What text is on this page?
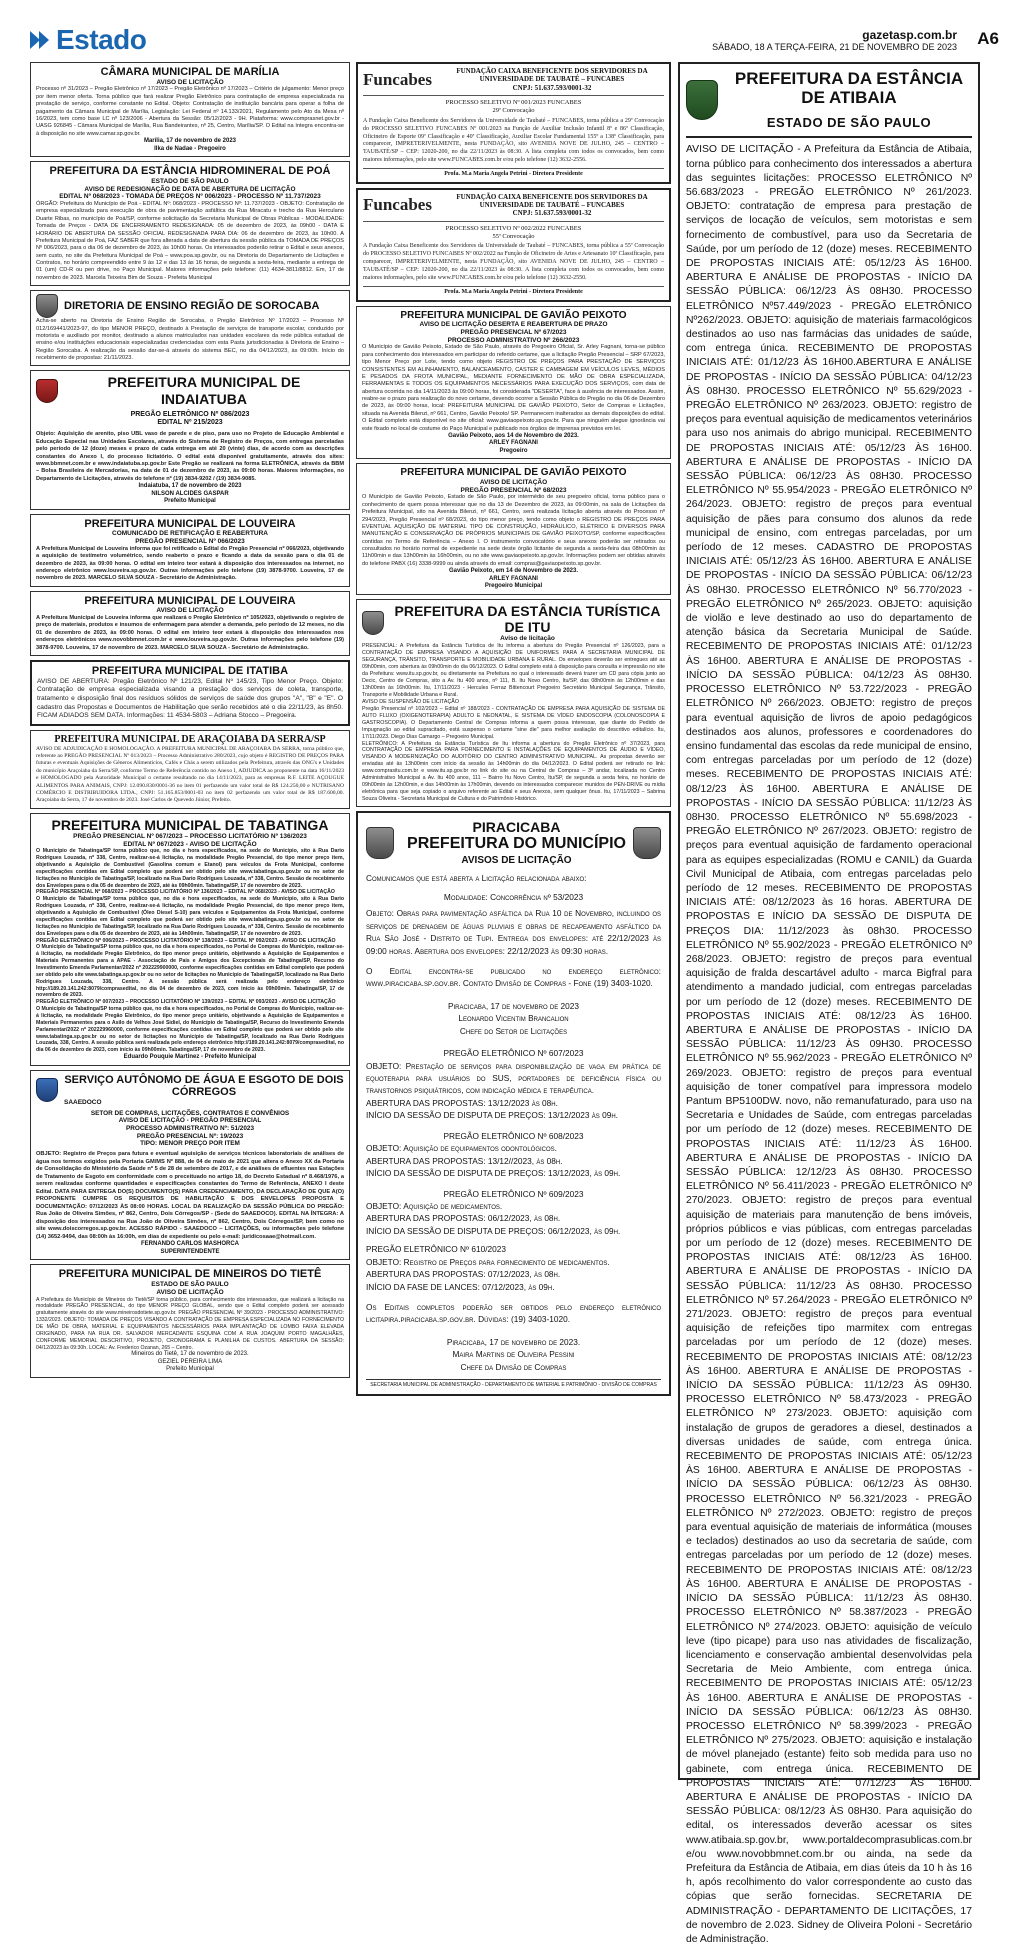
Estado	gazetasp.com.br
SÁBADO, 18 A TERÇA-FEIRA, 21 DE NOVEMBRO DE 2023 A6
CÂMARA MUNICIPAL DE MARÍLIA
AVISO DE LICITAÇÃO
Processo nº 31/2023 – Pregão Eletrônico nº 17/2023 – Pregão Eletrônico nº 17/2023 – Critério de julgamento: Menor preço por item menor oferta. Torna público que fará realizar Pregão Eletrônico para contratação de empresa especializada na prestação de serviço, conforme constante no Edital. Objeto: Contratação de instituição bancária para operar a folha de pagamento da Câmara Municipal de Marília, Legislação: Lei Federal nº 14.133/2021, Regulamento pelo Ato da Mesa nº 16/2023, tem como base LC nº 123/2006 - Abertura da Sessão: 05/12/2023 - 9H. Plataforma: www.comprasnet.gov.br - UASG 926845 - Câmara Municipal de Marília, Rua Bandeirantes, nº 25, Centro, Marília/SP. O Edital na íntegra encontra-se à disposição no site www.camar.sp.gov.br.
Marília, 17 de novembro de 2023
Ilka de Nadae - Pregoeiro
PREFEITURA DA ESTÂNCIA HIDROMINERAL DE POÁ
ESTADO DE SÃO PAULO
AVISO DE REDESIGNAÇÃO DE DATA DE ABERTURA DE LICITAÇÃO
EDITAL Nº 068/2023 - TOMADA DE PREÇOS Nº 006/2023 - PROCESSO Nº 11.737/2023
ÓRGÃO: Prefeitura do Município de Poá - EDITAL Nº: 068/2023 - PROCESSO Nº: 11.737/2023 - OBJETO: Contratação de empresa especializada para execução de obra de pavimentação asfáltica da Rua Miracatu e trecho da Rua Herculano Duarte Ribas, no município de Poá/SP, conforme solicitação da Secretaria Municipal de Obras Públicas - MODALIDADE: Tomada de Preços - DATA DE ENCERRAMENTO REDESIGNADA: 05 de dezembro de 2023, às 09h00 - DATA E HORÁRIO DE ABERTURA DA SESSÃO OFICIAL REDESIGNADA PARA DIA: 06 de dezembro de 2023, às 10h00. A Prefeitura Municipal de Poá, FAZ SABER que fora alterada a data de abertura da sessão pública da TOMADA DE PREÇOS Nº 006/2023, para o dia 06 de dezembro de 2023, às 10h00 horas. Os interessados poderão retirar o Edital e seus anexos, sem custo, no site da Prefeitura Municipal de Poá – www.poa.sp.gov.br, ou na Diretoria do Departamento de Licitações e Contratos, no horário compreendido entre 9 às 12 e das 13 às 16 horas, de segunda a sexta-feira, mediante a entrega de 01 (um) CD-R ou pen drive, no Paço Municipal. Maiores informações pelo telefone: (11) 4634-3811/8812. Em, 17 de novembro de 2023. Marcela Teixeira Bim de Souza - Prefeita Municipal
DIRETORIA DE ENSINO REGIÃO DE SOROCABA
Acha-se aberto na Diretoria de Ensino Região de Sorocaba, o Pregão Eletrônico Nº 17/2023 – Processo Nº 012/169441/2023-97, do tipo MENOR PREÇO, destinado à Prestação de serviços de transporte escolar, conduzido por motorista e auxiliado por monitor, destinado a alunos matriculados nas unidades escolares da rede pública estadual de ensino e/ou instituições educacionais especializadas credenciadas com esta Pasta jurisdicionadas à Diretoria de Ensino – Região Sorocaba. A realização da sessão dar-se-á através do sistema BEC, no dia 04/12/2023, às 09:00h. Início do recebimento de propostas: 21/11/2023.
PREFEITURA MUNICIPAL DE INDAIATUBA
PREGÃO ELETRÔNICO Nº 086/2023
EDITAL Nº 215/2023
Objeto: Aquisição de arenito, piso UBL vaso de parede e de piso, para uso no Projeto de Educação Ambiental e Educação Especial nas Unidades Escolares, através do Sistema de Registro de Preços, com entregas parceladas pelo período de 12 (doze) meses e prazo de cada entrega em até 20 (vinte) dias, de acordo com as descrições constantes do Anexo I, do processo licitatório. O edital está disponível gratuitamente, através dos sites: www.bbmnet.com.br e www.indaiatuba.sp.gov.br Este Pregão se realizará na forma ELETRÔNICA, através da BBM – Bolsa Brasileira de Mercadorias, na data de 01 de dezembro de 2023, às 09:00 horas. Maiores informações, no Departamento de Licitações, através do telefone nº (19) 3834-9202 / (19) 3834-9085.
Indaiatuba, 17 de novembro de 2023
NILSON ALCIDES GASPAR
Prefeito Municipal
PREFEITURA MUNICIPAL DE LOUVEIRA
COMUNICADO DE RETIFICAÇÃO E REABERTURA
PREGÃO PRESENCIAL Nº 066/2023
A Prefeitura Municipal de Louveira informa que foi retificado o Edital do Pregão Presencial nº 066/2023, objetivando a aquisição de testímetro volumétrico, sendo reaberto o prazo e ficando a data da sessão para o dia 01 de dezembro de 2023, às 09:00 horas. O edital em inteiro teor estará à disposição dos interessados na internet, no endereço eletrônico www.louveira.sp.gov.br. Outras informações pelo telefone (19) 3878-9700. Louveira, 17 de novembro de 2023. MARCELO SILVA SOUZA - Secretário de Administração.
PREFEITURA MUNICIPAL DE LOUVEIRA
AVISO DE LICITAÇÃO
A Prefeitura Municipal de Louveira informa que realizará o Pregão Eletrônico nº 105/2023, objetivando o registro de preço de materiais, produtos e insumos de enfermagem para atender a demanda, pelo período de 12 meses, no dia 01 de dezembro de 2023, às 09:00 horas. O edital em inteiro teor estará à disposição dos interessados nos endereços eletrônicos www.novobbmnet.com.br e www.louveira.sp.gov.br. Outras informações pelo telefone (19) 3878-9700. Louveira, 17 de novembro de 2023. MARCELO SILVA SOUZA - Secretário de Administração.
PREFEITURA MUNICIPAL DE ITATIBA
AVISO DE ABERTURA: Pregão Eletrônico Nº 121/23, Edital Nº 145/23, Tipo Menor Preço. Objeto: Contratação de empresa especializada visando a prestação dos serviços de coleta, transporte, tratamento e disposição final dos resíduos sólidos de serviços de saúde dos grupos "A", "B" e "E". O cadastro das Propostas e Documentos de Habilitação que serão recebidos até o dia 22/11/23, às 8h50. FICAM ADIADOS SEM DATA. Informações: 11 4534-5803 – Adriana Stocco – Pregoeira.
PREFEITURA MUNICIPAL DE ARAÇOIABA DA SERRA/SP
AVISO DE ADJUDICAÇÃO E HOMOLOGAÇÃO. A PREFEITURA MUNICIPAL DE ARAÇOIABA DA SERRA, torna público que, referente ao PREGÃO PRESENCIAL Nº 013/2023 – Processo Administrativo 280/2023, cujo objeto é REGISTRO DE PREÇOS PARA futuras e eventuais Aquisições de Gêneros Alimentícios, Cafés e Chás a serem utilizados pela Prefeitura, através das ONG's e Unidades do município Araçoiaba da Serra/SP, conforme Termo de Referência contido no Anexo I, ADJUDICA ao proponente na data 16/11/2023 e HOMOLOGADO pela Autoridade Municipal o certame resultando no dia 14/11/2023, para as empresas R.F. LEITE AÇOUGUE ALIMENTOS PARA ANIMAIS, CNPJ: 12.090.830/0001-36 no item 01 perfazendo um valor total de R$ 124.250,00 e NUTRISANO COMÉRCIO E DISTRIBUIDORA LTDA., CNPJ: 51.165.853/0001-03 no item 02 perfazendo um valor total de R$ 187.600,00. Araçoiaba da Serra, 17 de novembro de 2023. José Carlos de Quevedo Júnior, Prefeito.
PREFEITURA MUNICIPAL DE TABATINGA
PREGÃO PRESENCIAL Nº 067/2023 – PROCESSO LICITATÓRIO Nº 136/2023
EDITAL Nº 067/2023 - AVISO DE LICITAÇÃO
O Município de Tabatinga/SP torna público que, no dia e hora especificados, na sede do Município, sito à Rua Dario Rodrigues Louzada, nº 338, Centro, realizar-se-á licitação, na modalidade Pregão Presencial, do tipo menor preço item, objetivando a Aquisição de Combustível (Gasolina comum e Etanol) para veículos da Frota Municipal, conforme especificações contidas em Edital completo que poderá ser obtido pelo site www.tabatinga.sp.gov.br ou no setor de licitações no Município de Tabatinga/SP, localizado na Rua Dario Rodrigues Louzada, nº 338, Centro. Sessão de recebimento dos Envelopes para o dia 05 de dezembro de 2023, até às 09h00min. Tabatinga/SP, 17 de novembro de 2023.
PREGÃO PRESENCIAL Nº 068/2023 – PROCESSO LICITATÓRIO Nº 136/2023 – EDITAL Nº 068/2023 - AVISO DE LICITAÇÃO
O Município de Tabatinga/SP torna público que, no dia e hora especificados, na sede do Município, sito à Rua Dario Rodrigues Louzada, nº 338, Centro, realizar-se-á licitação, na modalidade Pregão Presencial, do tipo menor preço item, objetivando a Aquisição de Combustível (Óleo Diesel S-10) para veículos e Equipamentos da Frota Municipal, conforme especificações contidas em Edital completo que poderá ser obtido pelo site www.tabatinga.sp.gov.br ou no setor de licitações no Município de Tabatinga/SP, localizado na Rua Dario Rodrigues Louzada, nº 338, Centro. Sessão de recebimento dos Envelopes para o dia 05 de dezembro de 2023, até às 14h00min. Tabatinga/SP, 17 de novembro de 2023.
PREGÃO ELETRÔNICO Nº 006/2023 – PROCESSO LICITATÓRIO Nº 138/2023 – EDITAL Nº 092/2023 - AVISO DE LICITAÇÃO
O Município de Tabatinga/SP torna público que, no dia e hora especificados, no Portal de Compras do Município, realizar-se-á licitação, na modalidade Pregão Eletrônico, do tipo menor preço unitário, objetivando a Aquisição de Equipamentos e Materiais Permanentes para a APAE - Associação de Pais e Amigos dos Excepcionais de Tabatinga/SP, Recurso do Investimento Emenda Parlamentar/2022 nº 202229900000, conforme especificações contidas em Edital completo que poderá ser obtido pelo site www.tabatinga.sp.gov.br ou no setor de licitações no Município de Tabatinga/SP, localizado na Rua Dario Rodrigues Louzada, 338, Centro. A sessão pública será realizada pelo endereço eletrônico http://189.20.141.242:8079/comprasedital, no dia 04 de dezembro de 2023, com início às 09h00min. Tabatinga/SP, 17 de novembro de 2023.
PREGÃO ELETRÔNICO Nº 007/2023 – PROCESSO LICITATÓRIO Nº 139/2023 – EDITAL Nº 093/2023 - AVISO DE LICITAÇÃO
O Município de Tabatinga/SP torna público que, no dia e hora especificados, no Portal de Compras do Município, realizar-se-á licitação, na modalidade Pregão Eletrônico, do tipo menor preço unitário, objetivando a Aquisição de Equipamentos e Materiais Permanentes para o Asilo de Velhos José Sidiel, do Município de Tabatinga/SP, Recurso do Investimento Emenda Parlamentar/2022 nº 202229960000, conforme especificações contidas em Edital completo que poderá ser obtido pelo site www.tabatinga.sp.gov.br ou no setor de licitações no Município de Tabatinga/SP, localizado na Rua Dario Rodrigues Louzada, 338, Centro. A sessão pública será realizada pelo endereço eletrônico http://189.20.141.242:8079/comprasedital, no dia 06 de dezembro de 2023, com início às 09h00min. Tabatinga/SP, 17 de novembro de 2023.
Eduardo Pouquie Martinez - Prefeito Municipal
SERVIÇO AUTÔNOMO DE ÁGUA E ESGOTO DE DOIS CÓRREGOS
SAAEDOCO
SETOR DE COMPRAS, LICITAÇÕES, CONTRATOS E CONVÊNIOS
AVISO DE LICITAÇÃO - PREGÃO PRESENCIAL
PROCESSO ADMINISTRATIVO Nº: 51/2023
PREGÃO PRESENCIAL Nº: 19/2023
TIPO: MENOR PREÇO POR ITEM
OBJETO: Registro de Preços para futura e eventual aquisição de serviços técnicos laboratoriais de análises de água nos termos exigidos pela Portaria GM/MS Nº 888, de 04 de maio de 2021 que altera o Anexo XX da Portaria de Consolidação do Ministério da Saúde nº 5 de 28 de setembro de 2017, e de análises de efluentes nas Estações de Tratamento de Esgoto em conformidade com o preceituado no artigo 18, do Decreto Estadual nº 8.468/1976, a serem realizadas conforme quantidades e especificações constantes do Termo de Referência, ANEXO I deste Edital. DATA PARA ENTREGA DO(S) DOCUMENTO(S) PARA CREDENCIAMENTO, DA DECLARAÇÃO DE QUE A(O) PROPONENTE CUMPRE OS REQUISITOS DE HABILITAÇÃO E DOS ENVELOPES PROPOSTA E DOCUMENTAÇÃO: 07/12/2023 ÀS 08:00 HORAS. LOCAL DA REALIZAÇÃO DA SESSÃO PÚBLICA DO PREGÃO: Rua João de Oliveira Simões, nº 862, Centro, Dois Córregos/SP - (Sede do SAAEDOCO). EDITAL NA ÍNTEGRA: A disposição dos interessados na Rua João de Oliveira Simões, nº 862, Centro, Dois Córregos/SP, bem como no site www.doiscorregos.sp.gov.br. ACESSO RÁPIDO - SAAEDOCO – LICITAÇÕES, ou informações pelo telefone (14) 3652-9494, das 08:00h às 16:00h, em dias de expediente ou pelo e-mail: juridicosaae@hotmail.com.
FERNANDO CARLOS MASHORCA
SUPERINTENDENTE
PREFEITURA MUNICIPAL DE MINEIROS DO TIETÊ
ESTADO DE SÃO PAULO
AVISO DE LICITAÇÃO
A Prefeitura do Município de Mineiros do Tietê/SP torna público, para conhecimento dos interessados, que realizará a licitação na modalidade PREGÃO PRESENCIAL, do tipo MENOR PREÇO GLOBAL, sendo que o Edital completo poderá ser acessado gratuitamente através do site www.mineirosdotiete.sp.gov.br. PREGÃO PRESENCIAL Nº 39/2023 - PROCESSO ADMINISTRATIVO: 1332/2023. OBJETO: TOMADA DE PREÇOS VISANDO A CONTRATAÇÃO DE EMPRESA ESPECIALIZADA NO FORNECIMENTO DE MÃO DE OBRA, MATERIAL E EQUIPAMENTOS NECESSÁRIOS PARA IMPLANTAÇÃO DE LOMBO FAIXA ELEVADA ORIGINADO, PARA NA RUA DR. SALVADOR MERCADANTE ESQUINA COM A RUA JOAQUIM PORTO MAGALHÃES, CONFORME MEMORIAL DESCRITIVO, PROJETO, CRONOGRAMA E PLANILHA DE CUSTOS. ABERTURA DA SESSÃO: 04/12/2023 às 09:30h. LOCAL: Av. Frederico Ozanan, 265 – Centro.
Mineiros do Tietê, 17 de novembro de 2023.
GEZIEL PEREIRA LIMA
Prefeito Municipal
Funcabes	FUNDAÇÃO CAIXA BENEFICENTE DOS SERVIDORES DA UNIVERSIDADE DE TAUBATÉ – FUNCABES
CNPJ: 51.637.593/0001-32
PROCESSO SELETIVO Nº 001/2023 FUNCABES
29ª Convocação
A Fundação Caixa Beneficente dos Servidores da Universidade de Taubaté – FUNCABES, torna pública a 29ª Convocação do PROCESSO SELETIVO FUNCABES Nº 001/2023 na Função de Auxiliar Inclusão Infantil 8º e 86º Classificação, Oficineiro de Esporte 09ª Classificação e 40ª Classificação, Auxiliar Escolar Fundamental 155º a 138º Classificação, para comparecer, IMPRETERIVELMENTE, nesta FUNDAÇÃO, sito AVENIDA NOVE DE JULHO, 245 – CENTRO – TAUBATÉ/SP – CEP: 12020-200, no dia 22/11/2023 às 08:30. A lista completa com todos os convocados, bem como maiores informações, pelo site www.FUNCABES.com.br e/ou pelo telefone (12) 3632-2556.
Profa. M.a Maria Angela Petrini - Diretora Presidente
Funcabes	FUNDAÇÃO CAIXA BENEFICENTE DOS SERVIDORES DA UNIVERSIDADE DE TAUBATÉ – FUNCABES
CNPJ: 51.637.593/0001-32
PROCESSO SELETIVO Nº 002/2022 FUNCABES
55ª Convocação
A Fundação Caixa Beneficente dos Servidores da Universidade de Taubaté – FUNCABES, torna pública a 55ª Convocação do PROCESSO SELETIVO FUNCABES Nº 002/2022 na Função de Oficineiro de Artes e Artesanato 10ª Classificação, para comparecer, IMPRETERIVELMENTE, nesta FUNDAÇÃO, sito AVENIDA NOVE DE JULHO, 245 – CENTRO – TAUBATÉ/SP – CEP: 12020-200, no dia 22/11/2023 às 08:30. A lista completa com todos os convocados, bem como maiores informações, pelo site www.FUNCABES.com.br e/ou pelo telefone (12) 3632-2550.
Profa. M.a Maria Angela Petrini - Diretora Presidente
PREFEITURA MUNICIPAL DE GAVIÃO PEIXOTO
AVISO DE LICITAÇÃO DESERTA E REABERTURA DE PRAZO
PREGÃO PRESENCIAL Nº 67/2023
PROCESSO ADMINISTRATIVO Nº 266/2023
O Município de Gavião Peixoto, Estado de São Paulo, através do Pregoeiro Oficial, Sr. Arley Fagnani, torna-se público para conhecimento dos interessados em participar do referido certame, que a licitação Pregão Presencial – SRP 67/2023, tipo Menor Preço por Lote, tendo como objeto REGISTRO DE PREÇOS PARA PRESTAÇÃO DE SERVIÇOS CONSISTENTES EM ALINHAMENTO, BALANCEAMENTO, CASTER E CAMBAGEM EM VEÍCULOS LEVES, MÉDIOS E PESADOS DA FROTA MUNICIPAL, MEDIANTE FORNECIMENTO DE MÃO DE OBRA ESPECIALIZADA, FERRAMENTAS E TODOS OS EQUIPAMENTOS NECESSÁRIOS PARA EXECUÇÃO DOS SERVIÇOS, com data de abertura ocorrida no dia 14/11/2023 às 09:00 horas, foi considerada "DESERTA", face à ausência de interessados. Assim, reabre-se o prazo para realização do novo certame, devendo ocorrer a Sessão Pública do Pregão no dia 06 de Dezembro de 2023, às 09:00 horas, local: PREFEITURA MUNICIPAL DE GAVIÃO PEIXOTO, Setor de Compras e Licitações, situada na Avenida Bilenzi, nº 661, Centro, Gavião Peixoto/ SP. Permanecem inalterados as demais disposições do edital. O Edital completo está disponível no site oficial: www.gaviaopeixoto.sp.gov.br. Para que ninguém alegue ignorância vai este fixado no local de costume do Paço Municipal e publicado nos órgãos de imprensa previstos em lei.
Gavião Peixoto, aos 14 de Novembro de 2023.
ARLEY FAGNANI
Pregoeiro
PREFEITURA MUNICIPAL DE GAVIÃO PEIXOTO
AVISO DE LICITAÇÃO
PREGÃO PRESENCIAL Nº 68/2023
O Município de Gavião Peixoto, Estado de São Paulo, por intermédio de seu pregoeiro oficial, torna público para o conhecimento de quem possa interessar que no dia 13 de Dezembro de 2023, às 09:00min, na sala de Licitações da Prefeitura Municipal, sito na Avenida Bilenzi, nº 661, Centro, será realizada licitação aberta através do Processo nº 294/2023, Pregão Presencial nº 68/2023, do tipo menor preço, tendo como objeto o REGISTRO DE PREÇOS PARA EVENTUAL AQUISIÇÃO DE MATERIAL TIPO DE CONSTRUÇÃO, HIDRÁULICO, ELÉTRICO E DIVERSOS PARA MANUTENÇÃO E CONSERVAÇÃO DE PRÓPRIOS MUNICIPAIS DE GAVIÃO PEIXOTO/SP, conforme especificações contidas no Termo de Referência – Anexo I. O instrumento convocatório e seus anexos poderão ser retirados ou consultados no horário normal de expediente na sede deste órgão licitante de segunda a sexta-feira das 08h00min às 11h00min e das 13h00min às 16h00min, ou no site www.gaviaopeixoto.sp.gov.br. Informações podem ser obtidas através do telefone PABX (16) 3338-9999 ou ainda através do email: compras@gaviaopeixoto.sp.gov.br.
Gavião Peixoto, em 14 de Novembro de 2023.
ARLEY FAGNANI
Pregoeiro Municipal
PREFEITURA DA ESTÂNCIA TURÍSTICA DE ITU
Aviso de licitação
PRESENCIAL: A Prefeitura da Estância Turística de Itu informa a abertura do Pregão Presencial nº 126/2023, para a CONTRATAÇÃO DE EMPRESA VISANDO A AQUISIÇÃO DE UNIFORMES PARA A SECRETARIA MUNICIPAL DE SEGURANÇA, TRÂNSITO, TRANSPORTE E MOBILIDADE URBANA E RURAL. Os envelopes deverão ser entregues até as 09h00min, com abertura às 09h00min do dia 06/12/2023. O Edital completo está à disposição para consulta e impressão no site da Prefeitura: www.itu.sp.gov.br, ou diretamente na Prefeitura no qual o interessado deverá trazer um CD para cópia junto ao Decic, Centro de Compras, sito a Av. Itu 400 anos, nº 111, B. Itu Novo Centro, Itu/SP, das 08h00min às 12h00min e das 13h00min às 16h00min. Itu, 17/11/2023 - Hercules Ferraz Bittencourt Pregoeiro Secretário Municipal Segurança, Trânsito, Transporte e Mobilidade Urbana e Rural.
AVISO DE SUSPENSÃO DE LICITAÇÃO
Pregão Presencial nº 102/2023 – Edital nº 188/2023 - CONTRATAÇÃO DE EMPRESA PARA AQUISIÇÃO DE SISTEMA DE AUTO FLUXO (OXIGENOTERAPIA) ADULTO E NEONATAL, E SISTEMA DE VÍDEO ENDOSCOPIA (COLONOSCOPIA E GASTROSCOPIA). O Departamento Central de Compras informa a quem possa interessar, que diante do Pedido de Impugnação ao edital supracitado, está suspenso o certame "sine die" para melhor avaliação do descritivo editalício. Itu, 17/11/2023. Diego Dias Camargo – Pregoeiro Municipal.
ELETRÔNICO: A Prefeitura da Estância Turística de Itu informa a abertura do Pregão Eletrônico nº 37/2023, para CONTRATAÇÃO DE EMPRESA PARA FORNECIMENTO E INSTALAÇÕES DE EQUIPAMENTOS DE ÁUDIO E VÍDEO, VISANDO A MODERNIZAÇÃO DO AUDITÓRIO DO CENTRO ADMINISTRATIVO MUNICIPAL. As propostas deverão ser enviadas até às 13h00min com início da sessão às 14h00min do dia 04/12/2023. O Edital poderá ser retirado no link: www.comprasitu.com.br e www.itu.sp.gov.br no link do site ou na Central de Compras – 3º andar, localizada no Centro Administrativo Municipal a Av. Itu 400 anos, 111 – Bairro Itu Novo Centro, Itu/SP, de segunda a sexta feira, no horário de 09h00min às 12h00min, e das 14h00min às 17h00min, devendo os interessados comparecer munidos de PEN-DRIVE ou mídia eletrônica para que seja copiado o arquivo referente ao Edital e seus Anexos, sem qualquer ônus. Itu, 17/11/2023 – Sabrina Souza Oliveira - Secretaria Municipal de Cultura e do Patrimônio Histórico.
PIRACICABA
PREFEITURA DO MUNICÍPIO
AVISOS DE LICITAÇÃO
Comunicamos que está aberta a Licitação relacionada abaixo:
Modalidade: Concorrência nº 53/2023
Objeto: Obras para pavimentação asfáltica da Rua 10 de Novembro, incluindo os serviços de drenagem de águas pluviais e obras de recapeamento asfáltico da Rua São José - Distrito de Tupi. Entrega dos envelopes: até 22/12/2023 às 09:00 horas. Abertura dos envelopes: 22/12/2023 às 09:30 horas.
O Edital encontra-se publicado no endereço eletrônico: www.piracicaba.sp.gov.br. Contato Divisão de Compras - Fone (19) 3403-1020.
Piracicaba, 17 de novembro de 2023
Leonardo Vicentim Brancalion
Chefe do Setor de Licitações
PREGÃO ELETRÔNICO Nº 607/2023
OBJETO: Prestação de serviços para disponibilização de vaga em prática de equoterapia para usuários do SUS, portadores de deficiência física ou transtornos psiquiátricos, com indicação médica e terapêutica.
ABERTURA DAS PROPOSTAS: 13/12/2023 às 08h.
INÍCIO DA SESSÃO DE DISPUTA DE PREÇOS: 13/12/2023 às 09h.
PREGÃO ELETRÔNICO Nº 608/2023
OBJETO: Aquisição de equipamentos odontológicos.
ABERTURA DAS PROPOSTAS: 13/12//2023, às 08h.
INÍCIO DA SESSÃO DE DISPUTA DE PREÇOS: 13/12/2023, às 09h.
PREGÃO ELETRÔNICO Nº 609/2023
OBJETO: Aquisição de medicamentos.
ABERTURA DAS PROPOSTAS: 06/12/2023, às 08h.
INÍCIO DA SESSÃO DE DISPUTA DE PREÇOS: 06/12/2023, às 09h.
PREGÃO ELETRÔNICO Nº 610/2023
OBJETO: Registro de Preços para fornecimento de medicamentos.
ABERTURA DAS PROPOSTAS: 07/12/2023, às 08h.
INÍCIO DA FASE DE LANCES: 07/12/2023, às 09h.
Os Editais completos poderão ser obtidos pelo endereço eletrônico licitapira.piracicaba.sp.gov.br. Dúvidas: (19) 3403-1020.
Piracicaba, 17 de novembro de 2023.
Maira Martins de Oliveira Pessini
Chefe da Divisão de Compras
SECRETARIA MUNICIPAL DE ADMINISTRAÇÃO - DEPARTAMENTO DE MATERIAL E PATRIMÔNIO - DIVISÃO DE COMPRAS
PREFEITURA DA ESTÂNCIA DE ATIBAIA
ESTADO DE SÃO PAULO
AVISO DE LICITAÇÃO - A Prefeitura da Estância de Atibaia, torna público para conhecimento dos interessados a abertura das seguintes licitações: PROCESSO ELETRÔNICO Nº 56.683/2023 - PREGÃO ELETRÔNICO Nº 261/2023. OBJETO: contratação de empresa para prestação de serviços de locação de veículos, sem motoristas e sem fornecimento de combustível, para uso da Secretaria de Saúde, por um período de 12 (doze) meses. RECEBIMENTO DE PROPOSTAS INICIAIS ATÉ: 05/12/23 ÀS 16H00. ABERTURA E ANÁLISE DE PROPOSTAS - INÍCIO DA SESSÃO PÚBLICA: 06/12/23 ÀS 08H30. PROCESSO ELETRÔNICO Nº57.449/2023 - PREGÃO ELETRÔNICO Nº262/2023. OBJETO: aquisição de materiais farmacológicos destinados ao uso nas farmácias das unidades de saúde, com entrega única. RECEBIMENTO DE PROPOSTAS INICIAIS ATÉ: 01/12/23 ÀS 16H00.ABERTURA E ANÁLISE DE PROPOSTAS - INÍCIO DA SESSÃO PÚBLICA: 04/12/23 ÀS 08H30. PROCESSO ELETRÔNICO Nº 55.629/2023 - PREGÃO ELETRÔNICO Nº 263/2023. OBJETO: registro de preços para eventual aquisição de medicamentos veterinários para uso nos animais do abrigo municipal. RECEBIMENTO DE PROPOSTAS INICIAIS ATÉ: 05/12/23 ÀS 16H00. ABERTURA E ANÁLISE DE PROPOSTAS - INÍCIO DA SESSÃO PÚBLICA: 06/12/23 ÀS 08H30. PROCESSO ELETRÔNICO Nº 55.954/2023 - PREGÃO ELETRÔNICO Nº 264/2023. OBJETO: registro de preços para eventual aquisição de pães para consumo dos alunos da rede municipal de ensino, com entregas parceladas, por um período de 12 meses. CADASTRO DE PROPOSTAS INICIAIS ATÉ: 05/12/23 ÀS 16H00. ABERTURA E ANÁLISE DE PROPOSTAS - INÍCIO DA SESSÃO PÚBLICA: 06/12/23 ÀS 08H30. PROCESSO ELETRÔNICO Nº 56.770/2023 - PREGÃO ELETRÔNICO Nº 265/2023. OBJETO: aquisição de violão e leve destinado ao uso do departamento de atenção básica da Secretaria Municipal de Saúde. RECEBIMENTO DE PROPOSTAS INICIAIS ATÉ: 01/12/23 ÀS 16H00. ABERTURA E ANÁLISE DE PROPOSTAS - INÍCIO DA SESSÃO PÚBLICA: 04/12/23 ÀS 08H30. PROCESSO ELETRÔNICO Nº 53.722/2023 - PREGÃO ELETRÔNICO Nº 266/2023. OBJETO: registro de preços para eventual aquisição de livros de apoio pedagógicos destinados aos alunos, professores e coordenadores do ensino fundamental das escolas da rede municipal de ensino, com entregas parceladas por um período de 12 (doze) meses. RECEBIMENTO DE PROPOSTAS INICIAIS ATÉ: 08/12/23 ÀS 16H00. ABERTURA E ANÁLISE DE PROPOSTAS - INÍCIO DA SESSÃO PÚBLICA: 11/12/23 ÀS 08H30. PROCESSO ELETRÔNICO Nº 55.698/2023 - PREGÃO ELETRÔNICO Nº 267/2023. OBJETO: registro de preços para eventual aquisição de fardamento operacional para as equipes especializadas (ROMU e CANIL) da Guarda Civil Municipal de Atibaia, com entregas parceladas pelo período de 12 meses. RECEBIMENTO DE PROPOSTAS INICIAIS ATÉ: 08/12/2023 às 16 horas. ABERTURA DE PROPOSTAS E INÍCIO DA SESSÃO DE DISPUTA DE PREÇOS DIA: 11/12/2023 às 08h30. PROCESSO ELETRÔNICO Nº 55.902/2023 - PREGÃO ELETRÔNICO Nº 268/2023. OBJETO: registro de preços para eventual aquisição de fralda descartável adulto - marca Bigfral para atendimento a mandado judicial, com entregas parceladas por um período de 12 (doze) meses. RECEBIMENTO DE PROPOSTAS INICIAIS ATÉ: 08/12/23 ÀS 16H00. ABERTURA E ANÁLISE DE PROPOSTAS - INÍCIO DA SESSÃO PÚBLICA: 11/12/23 ÀS 09H30. PROCESSO ELETRÔNICO Nº 55.962/2023 - PREGÃO ELETRÔNICO Nº 269/2023. OBJETO: registro de preços para eventual aquisição de toner compatível para impressora modelo Pantum BP5100DW. novo, não remanufaturado, para uso na Secretaria e Unidades de Saúde, com entregas parceladas por um período de 12 (doze) meses. RECEBIMENTO DE PROPOSTAS INICIAIS ATÉ: 11/12/23 ÀS 16H00. ABERTURA E ANÁLISE DE PROPOSTAS - INÍCIO DA SESSÃO PÚBLICA: 12/12/23 ÀS 08H30. PROCESSO ELETRÔNICO Nº 56.411/2023 - PREGÃO ELETRÔNICO Nº 270/2023. OBJETO: registro de preços para eventual aquisição de materiais para manutenção de bens imóveis, próprios públicos e vias públicas, com entregas parceladas por um período de 12 (doze) meses. RECEBIMENTO DE PROPOSTAS INICIAIS ATÉ: 08/12/23 ÀS 16H00. ABERTURA E ANÁLISE DE PROPOSTAS - INÍCIO DA SESSÃO PÚBLICA: 11/12/23 ÀS 08H30. PROCESSO ELETRÔNICO Nº 57.264/2023 - PREGÃO ELETRÔNICO Nº 271/2023. OBJETO: registro de preços para eventual aquisição de refeições tipo marmitex com entregas parceladas por um período de 12 (doze) meses. RECEBIMENTO DE PROPOSTAS INICIAIS ATÉ: 08/12/23 ÀS 16H00. ABERTURA E ANÁLISE DE PROPOSTAS - INÍCIO DA SESSÃO PÚBLICA: 11/12/23 ÀS 09H30. PROCESSO ELETRÔNICO Nº 58.473/2023 - PREGÃO ELETRÔNICO Nº 273/2023. OBJETO: aquisição com instalação de grupos de geradores a diesel, destinados a diversas unidades de saúde, com entrega única. RECEBIMENTO DE PROPOSTAS INICIAIS ATÉ: 05/12/23 ÀS 16H00. ABERTURA E ANÁLISE DE PROPOSTAS - INÍCIO DA SESSÃO PÚBLICA: 06/12/23 ÀS 08H30. PROCESSO ELETRÔNICO Nº 56.321/2023 - PREGÃO ELETRÔNICO Nº 272/2023. OBJETO: registro de preços para eventual aquisição de materiais de informática (mouses e teclados) destinados ao uso da secretaria de saúde, com entregas parceladas por um período de 12 (doze) meses. RECEBIMENTO DE PROPOSTAS INICIAIS ATÉ: 08/12/23 ÀS 16H00. ABERTURA E ANÁLISE DE PROPOSTAS - INÍCIO DA SESSÃO PÚBLICA: 11/12/23 ÀS 08H30. PROCESSO ELETRÔNICO Nº 58.387/2023 - PREGÃO ELETRÔNICO Nº 274/2023. OBJETO: aquisição de veículo leve (tipo picape) para uso nas atividades de fiscalização, licenciamento e conservação ambiental desenvolvidas pela Secretaria de Meio Ambiente, com entrega única. RECEBIMENTO DE PROPOSTAS INICIAIS ATÉ: 05/12/23 ÀS 16H00. ABERTURA E ANÁLISE DE PROPOSTAS - INÍCIO DA SESSÃO PÚBLICA: 06/12/23 ÀS 08H30. PROCESSO ELETRÔNICO Nº 58.399/2023 - PREGÃO ELETRÔNICO Nº 275/2023. OBJETO: aquisição e instalação de móvel planejado (estante) feito sob medida para uso no gabinete, com entrega única. RECEBIMENTO DE PROPOSTAS INICIAIS ATÉ: 07/12/23 ÀS 16H00. ABERTURA E ANÁLISE DE PROPOSTAS - INÍCIO DA SESSÃO PÚBLICA: 08/12/23 ÀS 08H30. Para aquisição do edital, os interessados deverão acessar os sites www.atibaia.sp.gov.br, www.portaldecomprasublicas.com.br e/ou www.novobbmnet.com.br ou ainda, na sede da Prefeitura da Estância de Atibaia, em dias úteis da 10 h às 16 h, após recolhimento do valor correspondente ao custo das cópias que serão fornecidas. SECRETARIA DE ADMINISTRAÇÃO - DEPARTAMENTO DE LICITAÇÕES, 17 de novembro de 2.023. Sidney de Oliveira Poloni - Secretário de Administração.
